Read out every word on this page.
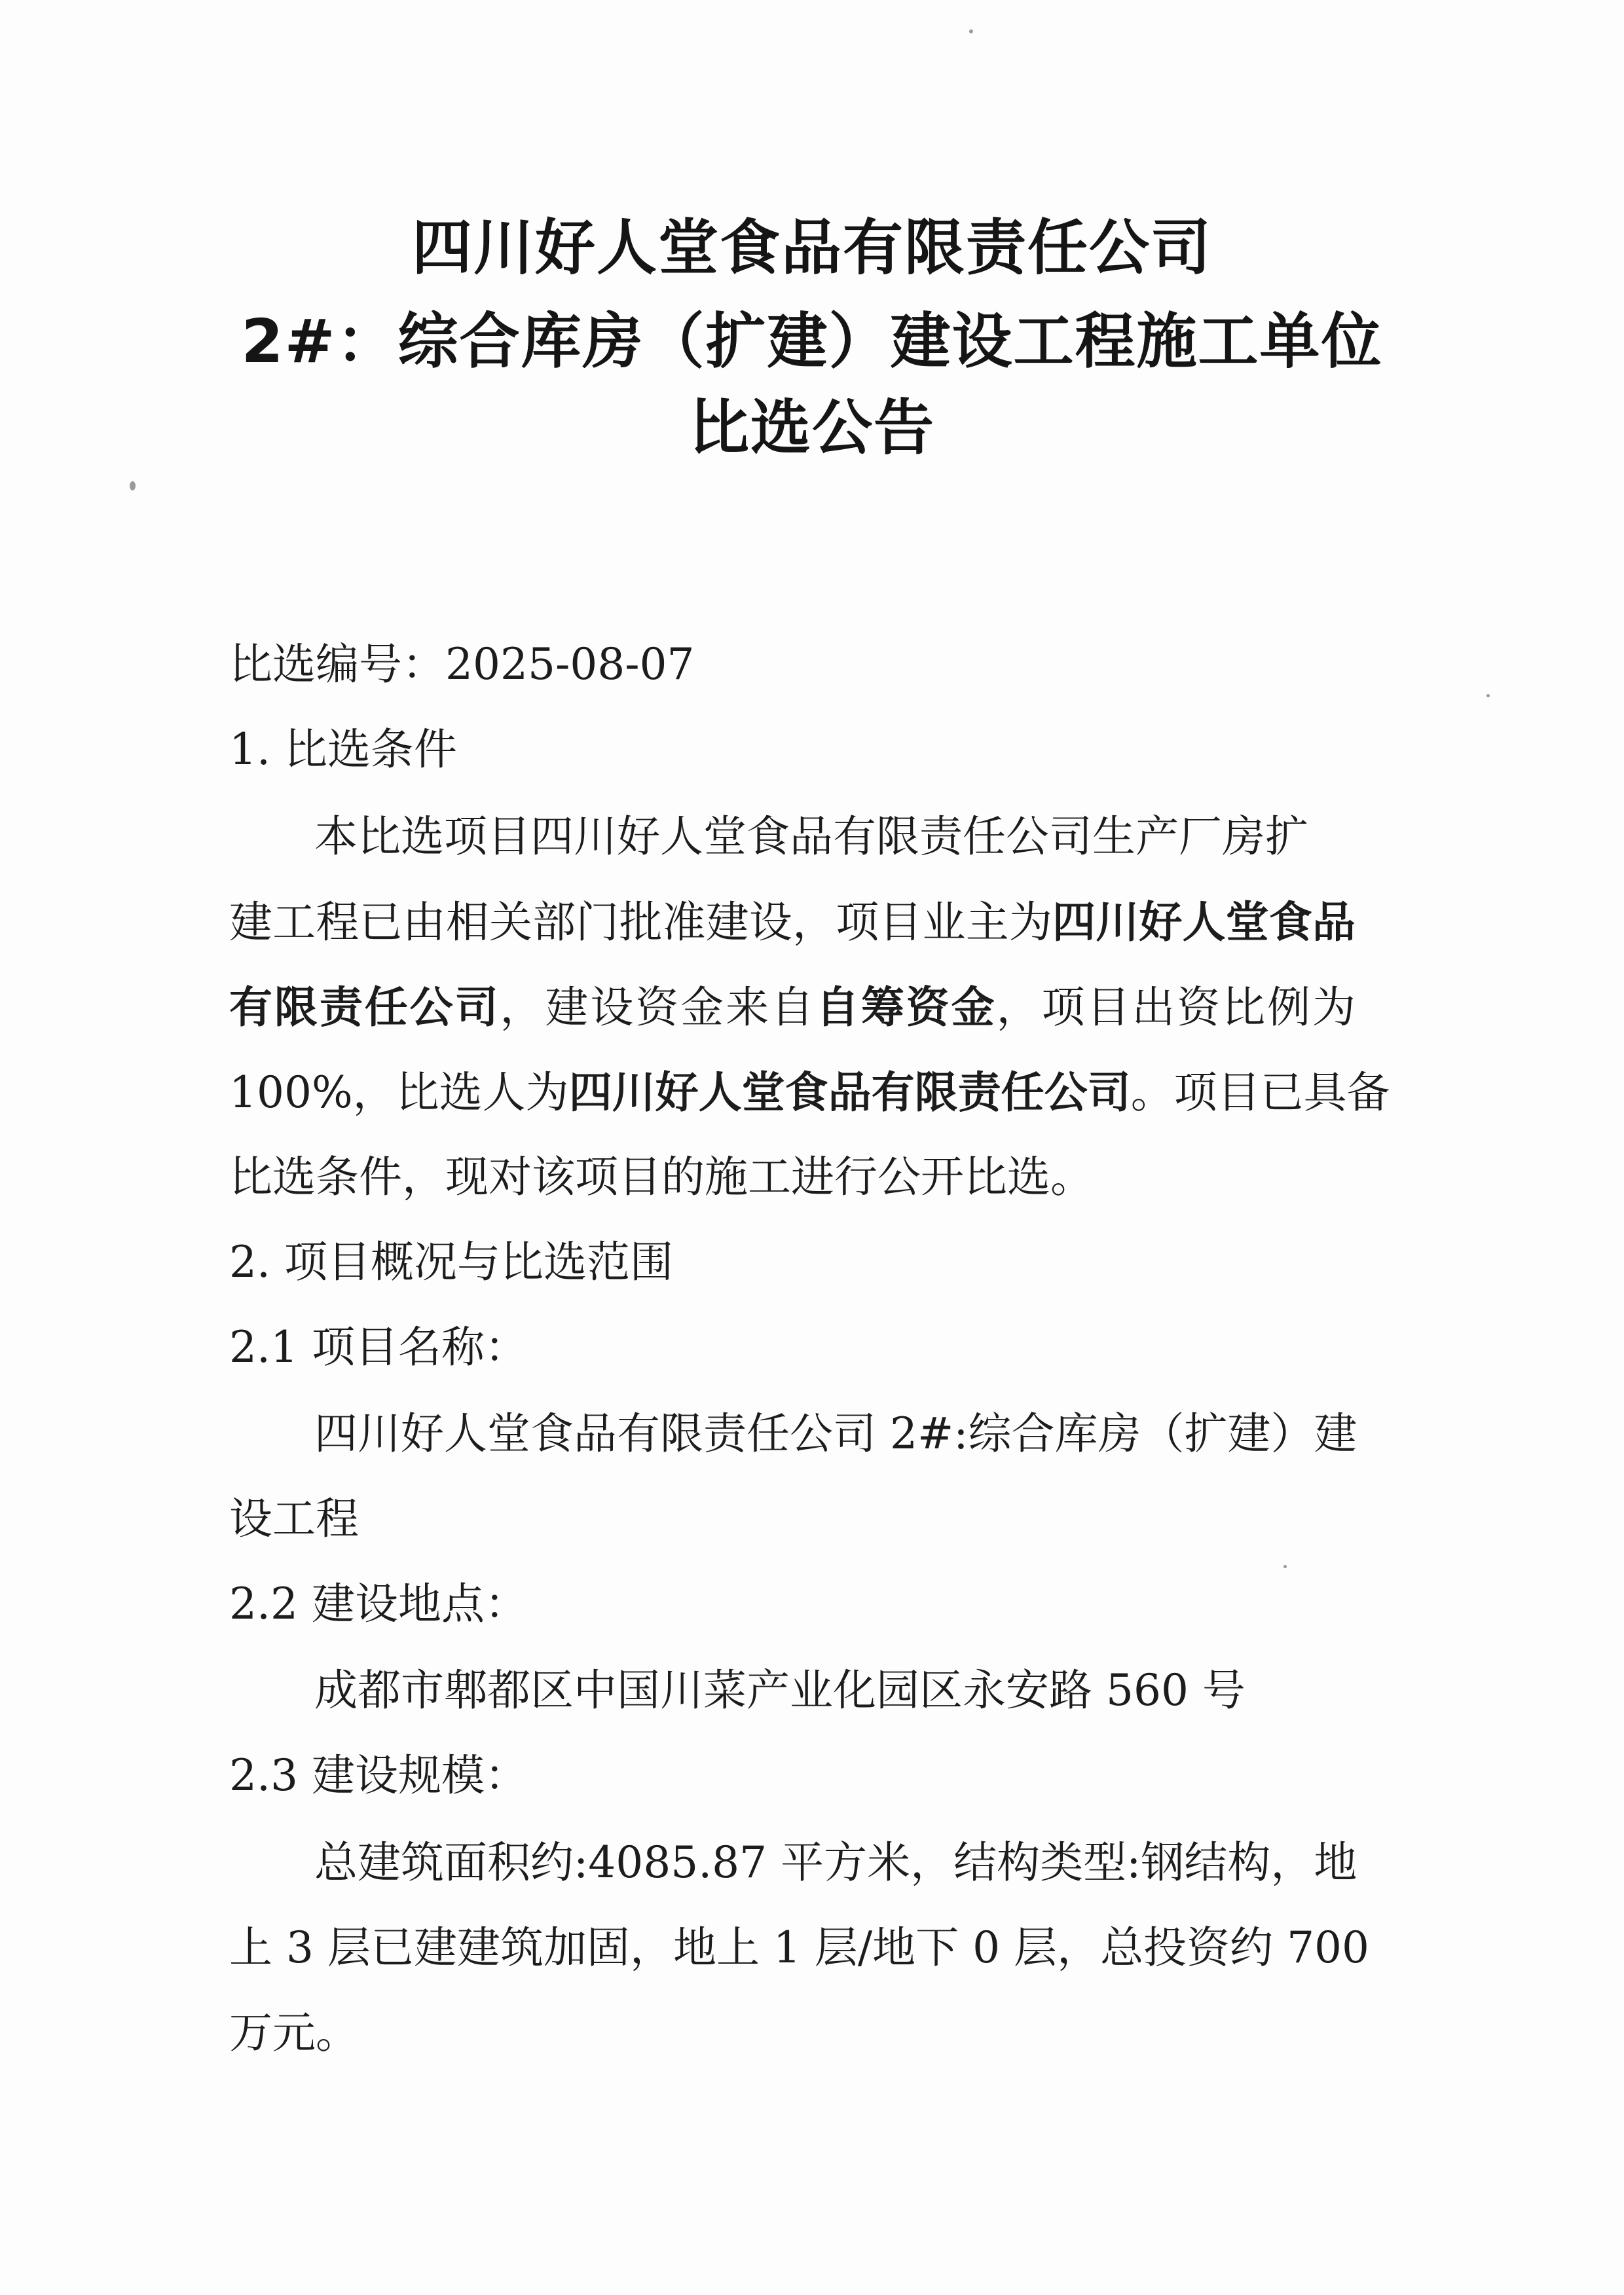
四川好人堂食品有限责任公司
2#：综合库房（扩建）建设工程施工单位
比选公告
比选编号：2025-08-07
1. 比选条件
本比选项目四川好人堂食品有限责任公司生产厂房扩
建工程已由相关部门批准建设，项目业主为四川好人堂食品
有限责任公司，建设资金来自自筹资金，项目出资比例为
100%，比选人为四川好人堂食品有限责任公司。项目已具备
比选条件，现对该项目的施工进行公开比选。
2. 项目概况与比选范围
2.1 项目名称：
四川好人堂食品有限责任公司 2#:综合库房（扩建）建
设工程
2.2 建设地点：
成都市郫都区中国川菜产业化园区永安路 560 号
2.3 建设规模：
总建筑面积约:4085.87 平方米，结构类型:钢结构，地
上 3 层已建建筑加固，地上 1 层/地下 0 层，总投资约 700
万元。
